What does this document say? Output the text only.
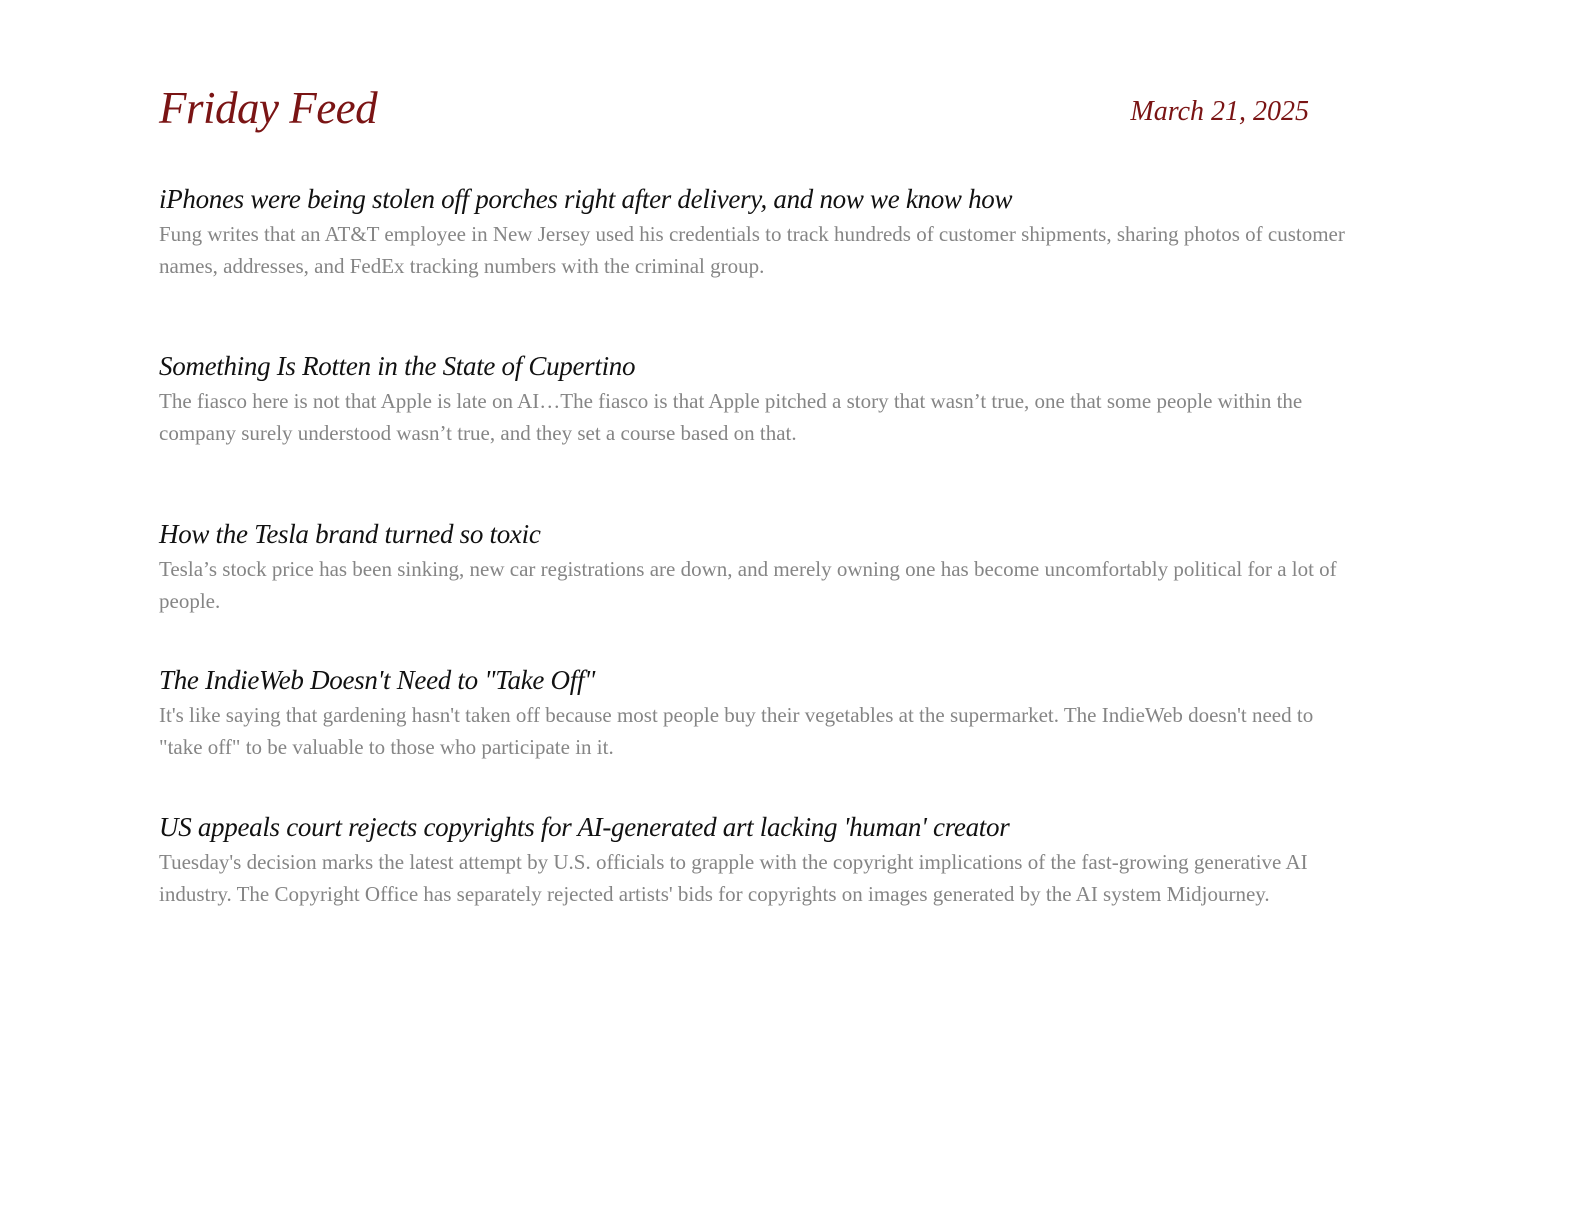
Friday Feed	March 21, 2025
iPhones were being stolen off porches right after delivery, and now we know how

Fung writes that an AT&T employee in New Jersey used his credentials to track hundreds of customer shipments, sharing photos of customer names, addresses, and FedEx tracking numbers with the criminal group.

Something Is Rotten in the State of Cupertino

The fiasco here is not that Apple is late on AI…The fiasco is that Apple pitched a story that wasn’t true, one that some people within the company surely understood wasn’t true, and they set a course based on that.

How the Tesla brand turned so toxic

Tesla’s stock price has been sinking, new car registrations are down, and merely owning one has become uncomfortably political for a lot of people.

The IndieWeb Doesn't Need to "Take Off"

It's like saying that gardening hasn't taken off because most people buy their vegetables at the supermarket. The IndieWeb doesn't need to "take off" to be valuable to those who participate in it.

US appeals court rejects copyrights for AI-generated art lacking 'human' creator

Tuesday's decision marks the latest attempt by U.S. officials to grapple with the copyright implications of the fast-growing generative AI industry. The Copyright Office has separately rejected artists' bids for copyrights on images generated by the AI system Midjourney.
